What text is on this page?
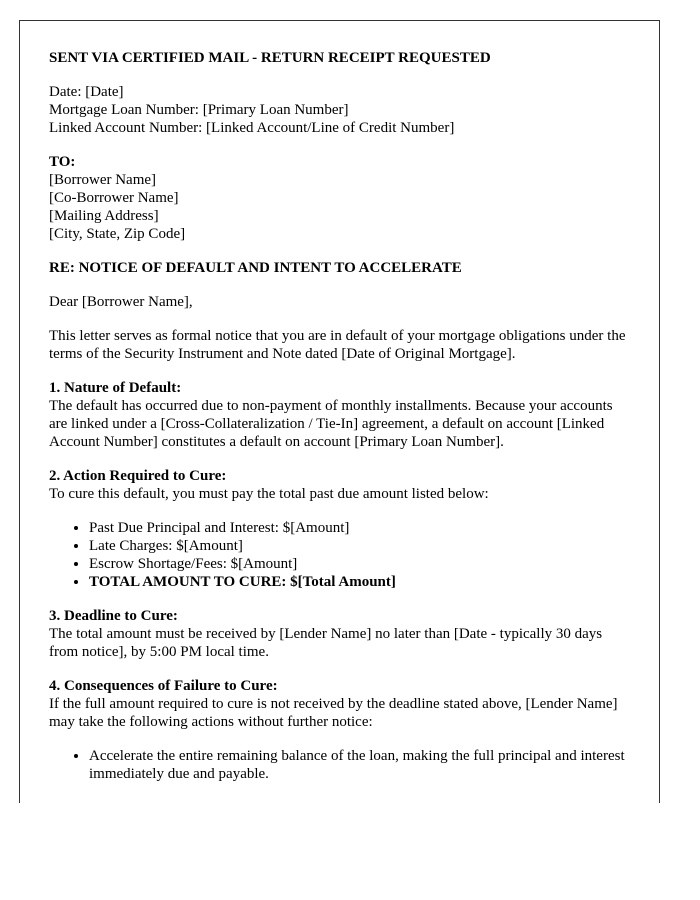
SENT VIA CERTIFIED MAIL - RETURN RECEIPT REQUESTED

Date: [Date]
Mortgage Loan Number: [Primary Loan Number]
Linked Account Number: [Linked Account/Line of Credit Number]

TO:
[Borrower Name]
[Co-Borrower Name]
[Mailing Address]
[City, State, Zip Code]

RE: NOTICE OF DEFAULT AND INTENT TO ACCELERATE

Dear [Borrower Name],

This letter serves as formal notice that you are in default of your mortgage obligations under the terms of the Security Instrument and Note dated [Date of Original Mortgage].

1. Nature of Default:
The default has occurred due to non-payment of monthly installments. Because your accounts are linked under a [Cross-Collateralization / Tie-In] agreement, a default on account [Linked Account Number] constitutes a default on account [Primary Loan Number].

2. Action Required to Cure:
To cure this default, you must pay the total past due amount listed below:

• Past Due Principal and Interest: $[Amount]
• Late Charges: $[Amount]
• Escrow Shortage/Fees: $[Amount]
• TOTAL AMOUNT TO CURE: $[Total Amount]

3. Deadline to Cure:
The total amount must be received by [Lender Name] no later than [Date - typically 30 days from notice], by 5:00 PM local time.

4. Consequences of Failure to Cure:
If the full amount required to cure is not received by the deadline stated above, [Lender Name] may take the following actions without further notice:

• Accelerate the entire remaining balance of the loan, making the full principal and interest immediately due and payable.
